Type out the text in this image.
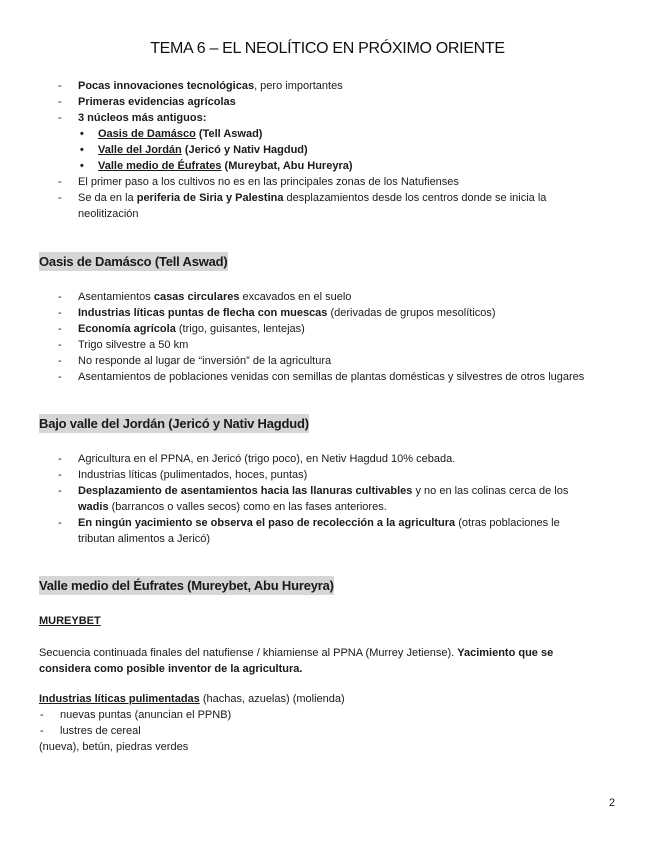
TEMA 6 – EL NEOLÍTICO EN PRÓXIMO ORIENTE
- Pocas innovaciones tecnológicas, pero importantes
- Primeras evidencias agrícolas
- 3 núcleos más antiguos:
• Oasis de Damásco (Tell Aswad)
• Valle del Jordán (Jericó y Nativ Hagdud)
• Valle medio de Éufrates (Mureybat, Abu Hureyra)
- El primer paso a los cultivos no es en las principales zonas de los Natufienses
- Se da en la periferia de Siria y Palestina desplazamientos desde los centros donde se inicia la neolitización
Oasis de Damásco (Tell Aswad)
- Asentamientos casas circulares excavados en el suelo
- Industrias líticas puntas de flecha con muescas (derivadas de grupos mesolíticos)
- Economía agrícola (trigo, guisantes, lentejas)
- Trigo silvestre a 50 km
- No responde al lugar de “inversión” de la agricultura
- Asentamientos de poblaciones venidas con semillas de plantas domésticas y silvestres de otros lugares
Bajo valle del Jordán (Jericó y Nativ Hagdud)
- Agricultura en el PPNA, en Jericó (trigo poco), en Netiv Hagdud 10% cebada.
- Industrias líticas (pulimentados, hoces, puntas)
- Desplazamiento de asentamientos hacia las llanuras cultivables y no en las colinas cerca de los wadis (barrancos o valles secos) como en las fases anteriores.
- En ningún yacimiento se observa el paso de recolección a la agricultura (otras poblaciones le tributan alimentos a Jericó)
Valle medio del Éufrates (Mureybet, Abu Hureyra)
MUREYBET
Secuencia continuada finales del natufiense / khiamiense al PPNA (Murrey Jetiense). Yacimiento que se considera como posible inventor de la agricultura.
Industrias líticas pulimentadas (hachas, azuelas) (molienda)
- nuevas puntas (anuncian el PPNB)
- lustres de cereal
(nueva), betún, piedras verdes
2
